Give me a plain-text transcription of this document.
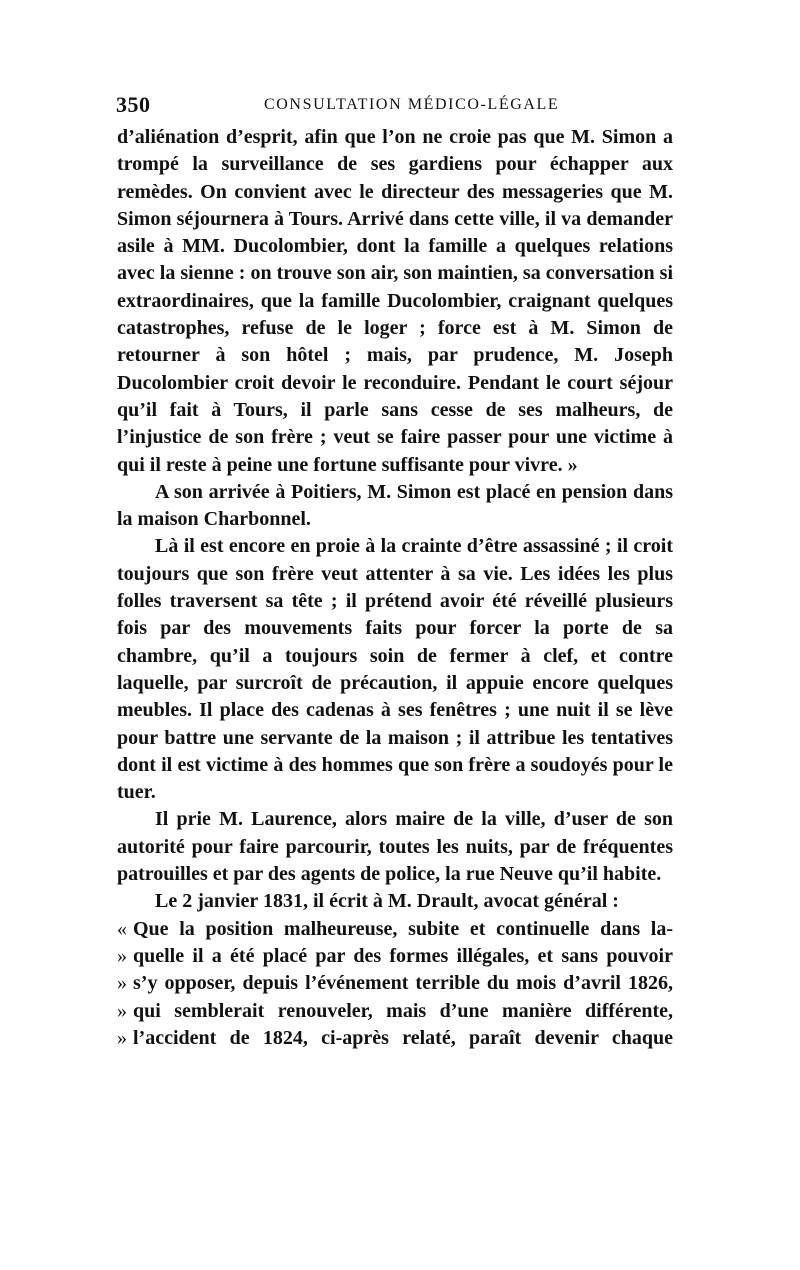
350	CONSULTATION MÉDICO-LÉGALE

d’aliénation d’esprit, afin que l’on ne croie pas que M. Simon a trompé la surveillance de ses gardiens pour échapper aux remèdes. On convient avec le directeur des messageries que M. Simon séjournera à Tours. Arrivé dans cette ville, il va demander asile à MM. Ducolombier, dont la famille a quelques relations avec la sienne : on trouve son air, son maintien, sa conversation si extraordinaires, que la famille Ducolombier, craignant quelques catastrophes, refuse de le loger ; force est à M. Simon de retourner à son hôtel ; mais, par prudence, M. Joseph Ducolombier croit devoir le reconduire. Pendant le court séjour qu’il fait à Tours, il parle sans cesse de ses malheurs, de l’injustice de son frère ; veut se faire passer pour une victime à qui il reste à peine une fortune suffisante pour vivre. »

A son arrivée à Poitiers, M. Simon est placé en pension dans la maison Charbonnel.

Là il est encore en proie à la crainte d’être assassiné ; il croit toujours que son frère veut attenter à sa vie. Les idées les plus folles traversent sa tête ; il prétend avoir été réveillé plusieurs fois par des mouvements faits pour forcer la porte de sa chambre, qu’il a toujours soin de fermer à clef, et contre laquelle, par surcroît de précaution, il appuie encore quelques meubles. Il place des cadenas à ses fenêtres ; une nuit il se lève pour battre une servante de la maison ; il attribue les tentatives dont il est victime à des hommes que son frère a soudoyés pour le tuer.

Il prie M. Laurence, alors maire de la ville, d’user de son autorité pour faire parcourir, toutes les nuits, par de fréquentes patrouilles et par des agents de police, la rue Neuve qu’il habite.

Le 2 janvier 1831, il écrit à M. Drault, avocat général :

« Que la position malheureuse, subite et continuelle dans la-
» quelle il a été placé par des formes illégales, et sans pouvoir
» s’y opposer, depuis l’événement terrible du mois d’avril 1826,
» qui semblerait renouveler, mais d’une manière différente,
» l’accident de 1824, ci-après relaté, paraît devenir chaque
